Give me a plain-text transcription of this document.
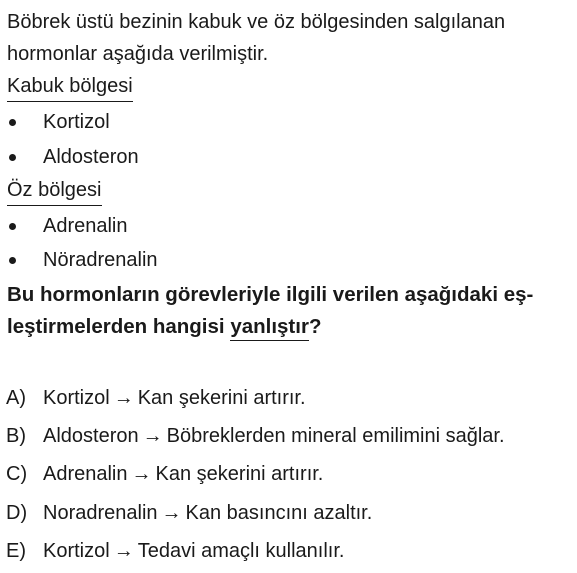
Böbrek üstü bezinin kabuk ve öz bölgesinden salgılanan
hormonlar aşağıda verilmiştir.
Kabuk bölgesi
Kortizol
Aldosteron
Öz bölgesi
Adrenalin
Nöradrenalin
Bu hormonların görevleriyle ilgili verilen aşağıdaki eş-
leştirmelerden hangisi yanlıştır?
A) Kortizol → Kan şekerini artırır.
B) Aldosteron → Böbreklerden mineral emilimini sağlar.
C) Adrenalin → Kan şekerini artırır.
D) Noradrenalin → Kan basıncını azaltır.
E) Kortizol → Tedavi amaçlı kullanılır.
